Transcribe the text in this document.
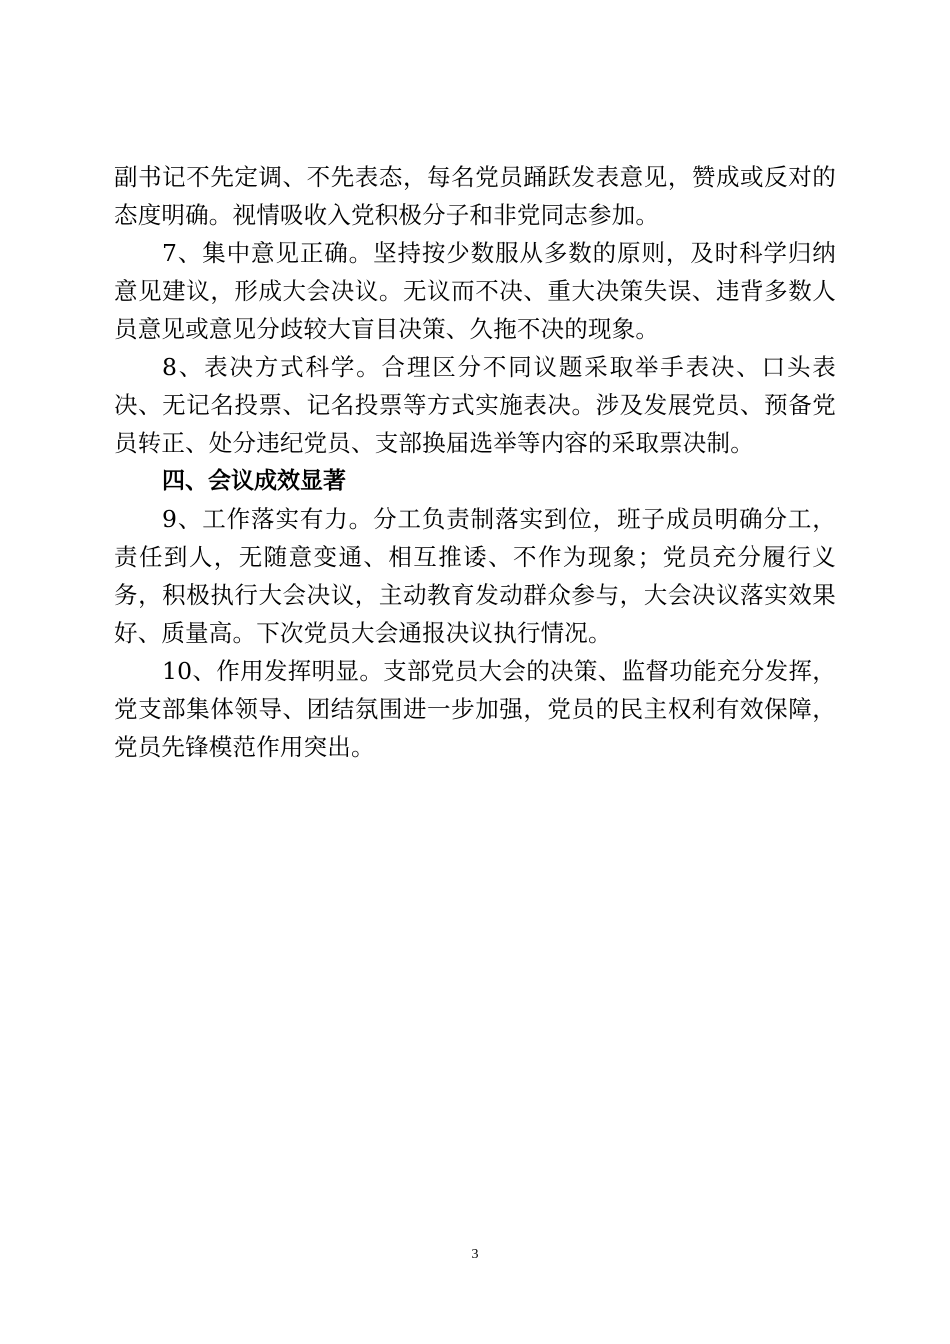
副书记不先定调、不先表态，每名党员踊跃发表意见，赞成或反对的态度明确。视情吸收入党积极分子和非党同志参加。

7、集中意见正确。坚持按少数服从多数的原则，及时科学归纳意见建议，形成大会决议。无议而不决、重大决策失误、违背多数人员意见或意见分歧较大盲目决策、久拖不决的现象。

8、表决方式科学。合理区分不同议题采取举手表决、口头表决、无记名投票、记名投票等方式实施表决。涉及发展党员、预备党员转正、处分违纪党员、支部换届选举等内容的采取票决制。

四、会议成效显著

9、工作落实有力。分工负责制落实到位，班子成员明确分工，责任到人，无随意变通、相互推诿、不作为现象；党员充分履行义务，积极执行大会决议，主动教育发动群众参与，大会决议落实效果好、质量高。下次党员大会通报决议执行情况。

10、作用发挥明显。支部党员大会的决策、监督功能充分发挥，党支部集体领导、团结氛围进一步加强，党员的民主权利有效保障，党员先锋模范作用突出。

3
